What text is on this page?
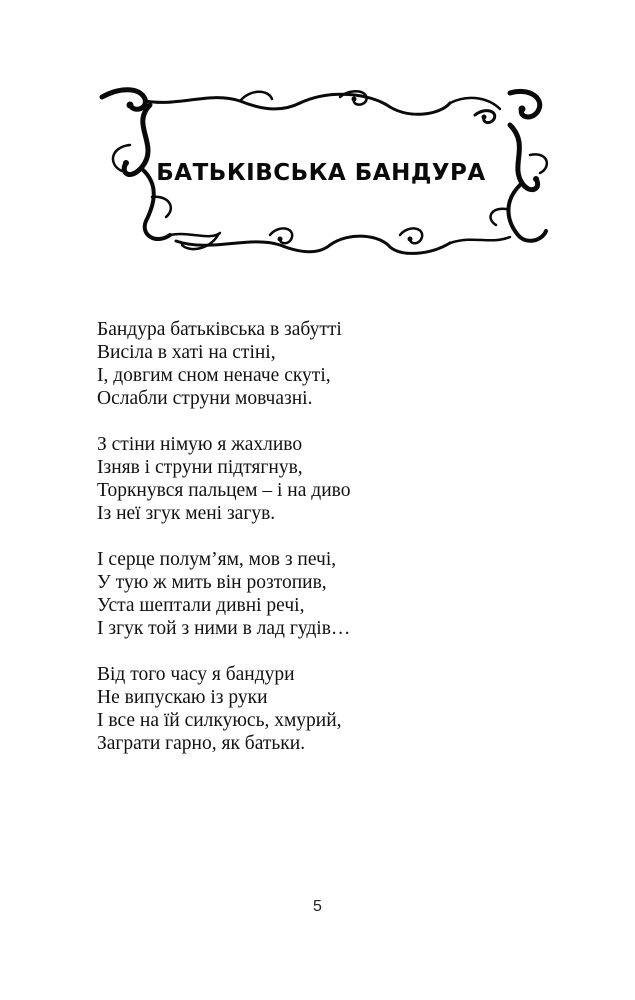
БАТЬКІВСЬКА БАНДУРА
Бандура батьківська в забутті
Висіла в хаті на стіні,
І, довгим сном неначе скуті,
Ослабли струни мовчазні.
З стіни німую я жахливо
Ізняв і струни підтягнув,
Торкнувся пальцем – і на диво
Із неї згук мені загув.
І серце полум’ям, мов з печі,
У тую ж мить він розтопив,
Уста шептали дивні речі,
І згук той з ними в лад гудів…
Від того часу я бандури
Не випускаю із руки
І все на їй силкуюсь, хмурий,
Заграти гарно, як батьки.
5
